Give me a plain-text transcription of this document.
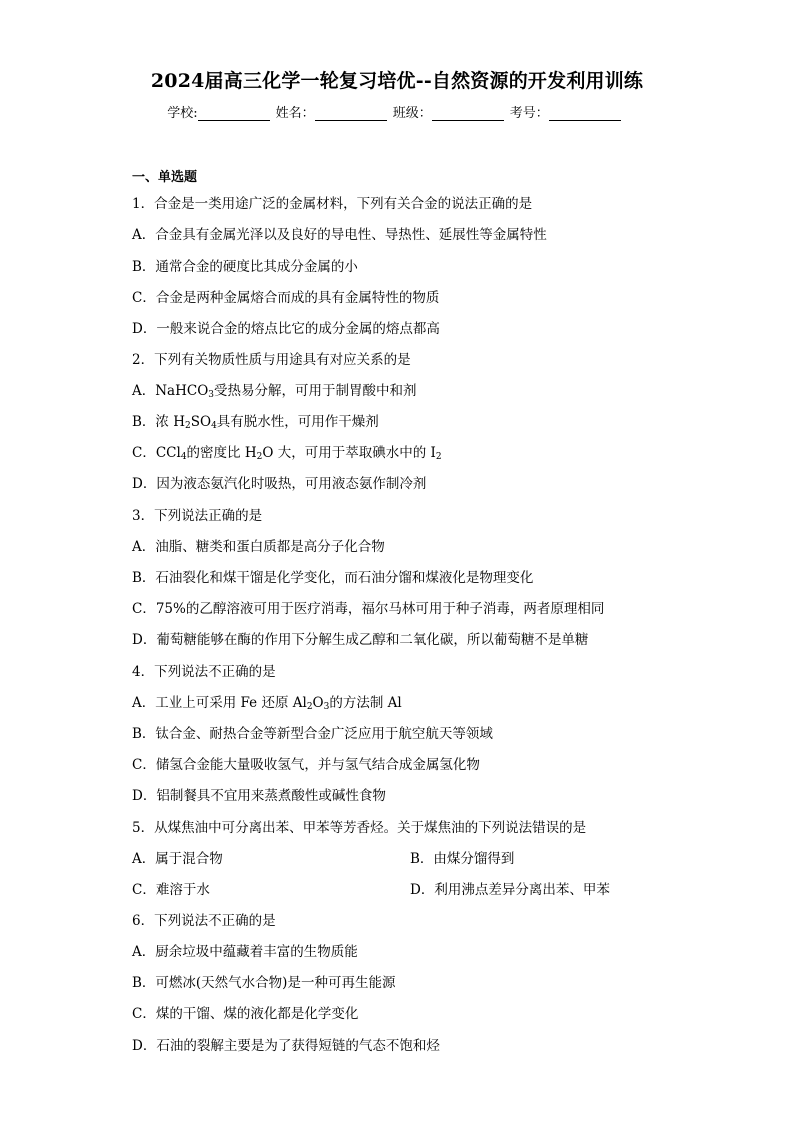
2024届高三化学一轮复习培优--自然资源的开发利用训练
学校:	姓名：	班级：	考号：
一、单选题
1．合金是一类用途广泛的金属材料，下列有关合金的说法正确的是
A．合金具有金属光泽以及良好的导电性、导热性、延展性等金属特性
B．通常合金的硬度比其成分金属的小
C．合金是两种金属熔合而成的具有金属特性的物质
D．一般来说合金的熔点比它的成分金属的熔点都高
2．下列有关物质性质与用途具有对应关系的是
A．NaHCO$_3$受热易分解，可用于制胃酸中和剂
B．浓 $H_2SO_4$具有脱水性，可用作干燥剂
C．CCl$_4$的密度比 $H_2O$ 大，可用于萃取碘水中的 $I_2$
D．因为液态氨汽化时吸热，可用液态氨作制冷剂
3．下列说法正确的是
A．油脂、糖类和蛋白质都是高分子化合物
B．石油裂化和煤干馏是化学变化，而石油分馏和煤液化是物理变化
C．75%的乙醇溶液可用于医疗消毒，福尔马林可用于种子消毒，两者原理相同
D．葡萄糖能够在酶的作用下分解生成乙醇和二氧化碳，所以葡萄糖不是单糖
4．下列说法不正确的是
A．工业上可采用 Fe 还原 $Al_2O_3$的方法制 Al
B．钛合金、耐热合金等新型合金广泛应用于航空航天等领域
C．储氢合金能大量吸收氢气，并与氢气结合成金属氢化物
D．铝制餐具不宜用来蒸煮酸性或碱性食物
5．从煤焦油中可分离出苯、甲苯等芳香烃。关于煤焦油的下列说法错误的是
A．属于混合物	B．由煤分馏得到
C．难溶于水	D．利用沸点差异分离出苯、甲苯
6．下列说法不正确的是
A．厨余垃圾中蕴藏着丰富的生物质能
B．可燃冰(天然气水合物)是一种可再生能源
C．煤的干馏、煤的液化都是化学变化
D．石油的裂解主要是为了获得短链的气态不饱和烃
